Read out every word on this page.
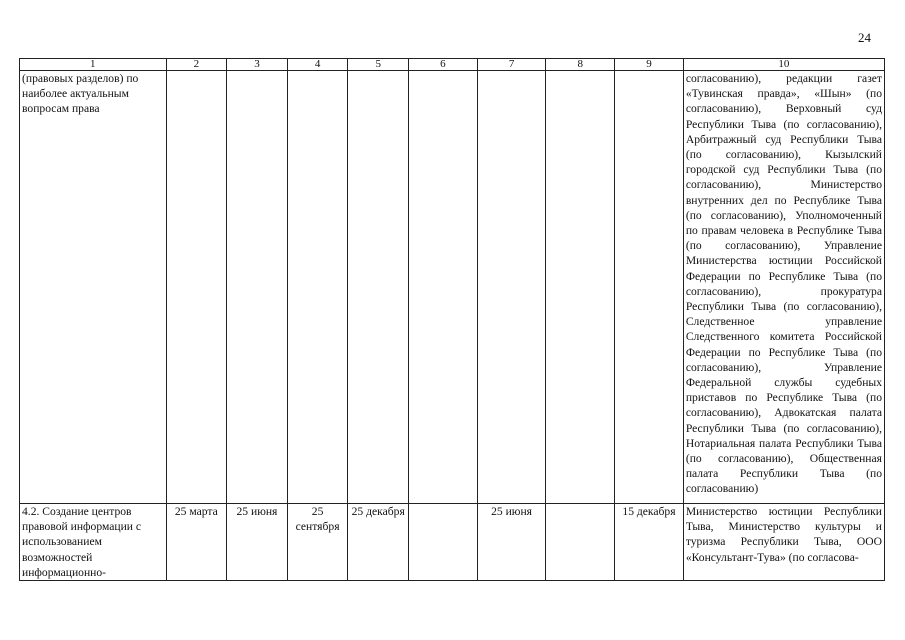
24
1	2	3	4	5	6	7	8	9	10
(правовых разделов) по наиболее актуальным вопросам права									согласованию), редакции газет «Тувинская правда», «Шын» (по согласованию), Верховный суд Республики Тыва (по согласованию), Арбитражный суд Республики Тыва (по согласованию), Кызылский городской суд Республики Тыва (по согласованию), Министерство внутренних дел по Республике Тыва (по согласованию), Уполномоченный по правам человека в Республике Тыва (по согласованию), Управление Министерства юстиции Российской Федерации по Республике Тыва (по согласованию), прокуратура Республики Тыва (по согласованию), Следственное управление Следственного комитета Российской Федерации по Республике Тыва (по согласованию), Управление Федеральной службы судебных приставов по Республике Тыва (по согласованию), Адвокатская палата Республики Тыва (по согласованию), Нотариальная палата Республики Тыва (по согласованию), Общественная палата Республики Тыва (по согласованию)
4.2. Создание центров правовой информации с использованием возможностей информационно-	25 марта	25 июня	25 сентября	25 декабря		25 июня		15 декабря	Министерство юстиции Республики Тыва, Министерство культуры и туризма Республики Тыва, ООО «Консультант-Тува» (по согласова-
